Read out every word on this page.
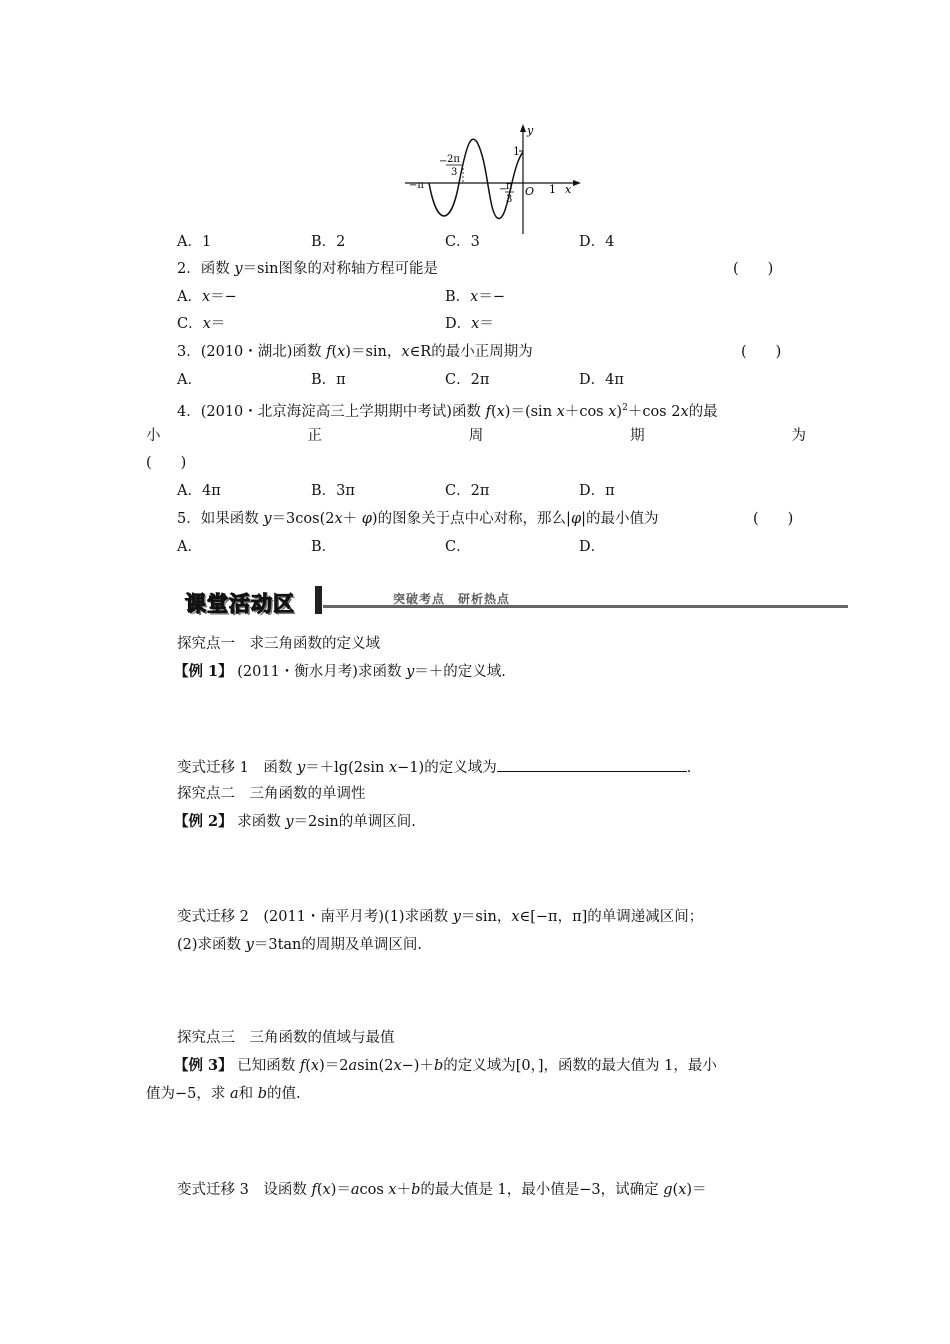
y
1
O 1 x
−π
− 2π
3
−
π
3
A．1	B．2	C．3	D．4
2．函数 y＝sin图象的对称轴方程可能是	(　　)
A．x＝−	B．x＝−
C．x＝	D．x＝
3．(2010・湖北)函数 f(x)＝sin，x∈R的最小正周期为	(　　)
A．	B．π	C．2π	D．4π
4．(2010・北京海淀高三上学期期中考试)函数 f(x)＝(sin x＋cos x)$^2$＋cos 2x的最
小	正	周	期	为
(　　)
A．4π	B．3π	C．2π	D．π
5．如果函数 y＝3cos(2x＋ φ)的图象关于点中心对称，那么|φ|的最小值为	(　　)
A．	B．	C．	D．
课堂活动区	突破考点　研析热点
探究点一　求三角函数的定义域
【例 1】 (2011・衡水月考)求函数 y＝＋的定义域.
变式迁移 1　函数 y＝＋lg(2sin x−1)的定义域为	.
探究点二　三角函数的单调性
【例 2】 求函数 y＝2sin的单调区间.
变式迁移 2　(2011・南平月考)(1)求函数 y＝sin，x∈[−π，π]的单调递减区间；
(2)求函数 y＝3tan的周期及单调区间.
探究点三　三角函数的值域与最值
【例 3】 已知函数 f(x)＝2asin(2x−)＋b的定义域为[0，]，函数的最大值为 1，最小
值为−5，求 a和 b的值.
变式迁移 3　设函数 f(x)＝acos x＋b的最大值是 1，最小值是−3，试确定 g(x)＝
